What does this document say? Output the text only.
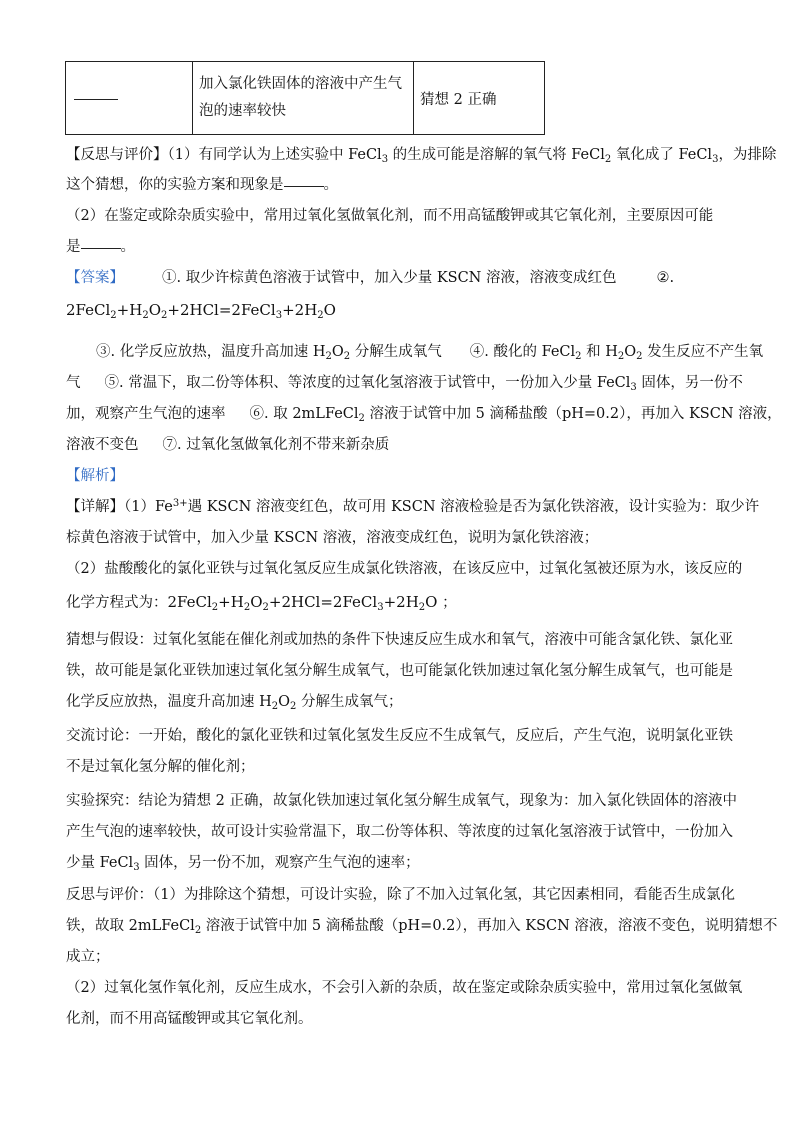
	加入氯化铁固体的溶液中产生气泡的速率较快	猜想 2 正确
【反思与评价】（1）有同学认为上述实验中 FeCl$_3$ 的生成可能是溶解的氧气将 FeCl$_2$ 氧化成了 FeCl$_3$，为排除
这个猜想，你的实验方案和现象是	。
（2）在鉴定或除杂质实验中，常用过氧化氢做氧化剂，而不用高锰酸钾或其它氧化剂，主要原因可能
是	。
【答案】	①. 取少许棕黄色溶液于试管中，加入少量 KSCN 溶液，溶液变成红色	②.
$2FeCl_2+H_2O_2+2HCl=2FeCl_3+2H_2O$
③. 化学反应放热，温度升高加速 $H_2O_2$ 分解生成氧气 ④. 酸化的 FeCl$_2$ 和 $H_2O_2$ 发生反应不产生氧
气 ⑤. 常温下，取二份等体积、等浓度的过氧化氢溶液于试管中，一份加入少量 FeCl$_3$ 固体，另一份不
加，观察产生气泡的速率 ⑥. 取 2mLFeCl$_2$ 溶液于试管中加 5 滴稀盐酸（pH=0.2），再加入 KSCN 溶液，
溶液不变色 ⑦. 过氧化氢做氧化剂不带来新杂质
【解析】
【详解】$(1)Fe^{3+}$遇 KSCN 溶液变红色，故可用 KSCN 溶液检验是否为氯化铁溶液，设计实验为：取少许
棕黄色溶液于试管中，加入少量 KSCN 溶液，溶液变成红色，说明为氯化铁溶液；
（2）盐酸酸化的氯化亚铁与过氧化氢反应生成氯化铁溶液，在该反应中，过氧化氢被还原为水，该反应的
化学方程式为：$2FeCl_2+H_2O_2+2HCl=2FeCl_3+2H_2O$ ；
猜想与假设：过氧化氢能在催化剂或加热的条件下快速反应生成水和氧气，溶液中可能含氯化铁、氯化亚
铁，故可能是氯化亚铁加速过氧化氢分解生成氧气，也可能氯化铁加速过氧化氢分解生成氧气，也可能是
化学反应放热，温度升高加速 $H_2O_2$ 分解生成氧气；
交流讨论：一开始，酸化的氯化亚铁和过氧化氢发生反应不生成氧气，反应后，产生气泡，说明氯化亚铁
不是过氧化氢分解的催化剂；
实验探究：结论为猜想 2 正确，故氯化铁加速过氧化氢分解生成氧气，现象为：加入氯化铁固体的溶液中
产生气泡的速率较快，故可设计实验常温下，取二份等体积、等浓度的过氧化氢溶液于试管中，一份加入
少量 FeCl$_3$ 固体，另一份不加，观察产生气泡的速率；
反思与评价：（1）为排除这个猜想，可设计实验，除了不加入过氧化氢，其它因素相同，看能否生成氯化
铁，故取 2mLFeCl$_2$ 溶液于试管中加 5 滴稀盐酸（pH=0.2），再加入 KSCN 溶液，溶液不变色，说明猜想不
成立；
（2）过氧化氢作氧化剂，反应生成水，不会引入新的杂质，故在鉴定或除杂质实验中，常用过氧化氢做氧
化剂，而不用高锰酸钾或其它氧化剂。
